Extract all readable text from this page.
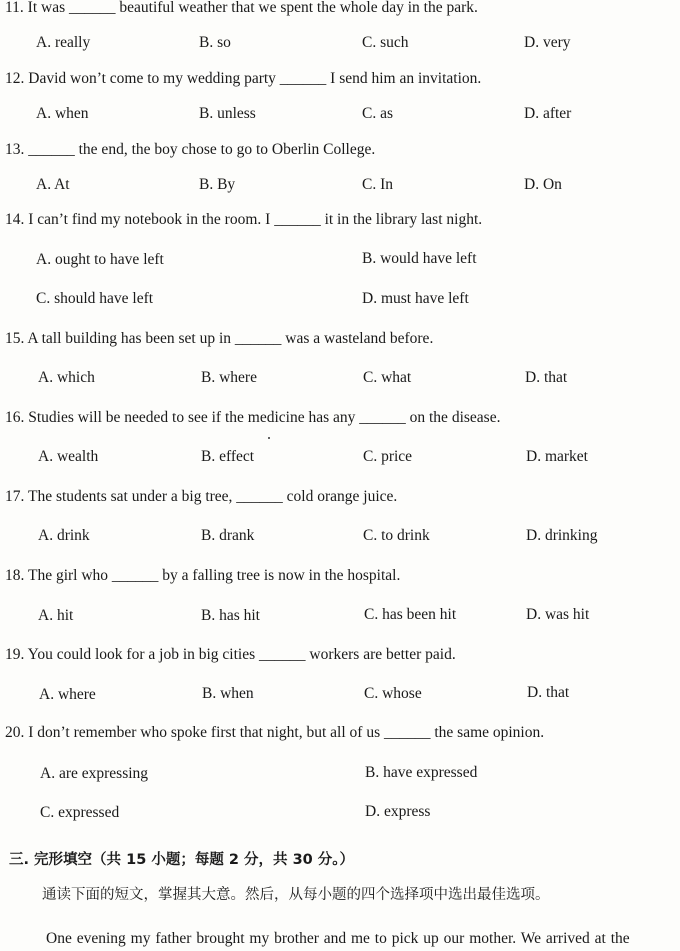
11. It was ______ beautiful weather that we spent the whole day in the park.
A. really	B. so	C. such	D. very
12. David won’t come to my wedding party ______ I send him an invitation.
A. when	B. unless	C. as	D. after
13. ______ the end, the boy chose to go to Oberlin College.
A. At	B. By	C. In	D. On
14. I can’t find my notebook in the room. I ______ it in the library last night.
A. ought to have left	B. would have left
C. should have left	D. must have left
15. A tall building has been set up in ______ was a wasteland before.
A. which	B. where	C. what	D. that
16. Studies will be needed to see if the medicine has any ______ on the disease.
A. wealth	B. effect	C. price	D. market
17. The students sat under a big tree, ______ cold orange juice.
A. drink	B. drank	C. to drink	D. drinking
18. The girl who ______ by a falling tree is now in the hospital.
A. hit	B. has hit	C. has been hit	D. was hit
19. You could look for a job in big cities ______ workers are better paid.
A. where	B. when	C. whose	D. that
20. I don’t remember who spoke first that night, but all of us ______ the same opinion.
A. are expressing	B. have expressed
C. expressed	D. express
三. 完形填空（共 15 小题；每题 2 分，共 30 分。）
通读下面的短文，掌握其大意。然后，从每小题的四个选择项中选出最佳选项。
One evening my father brought my brother and me to pick up our mother. We arrived at the
